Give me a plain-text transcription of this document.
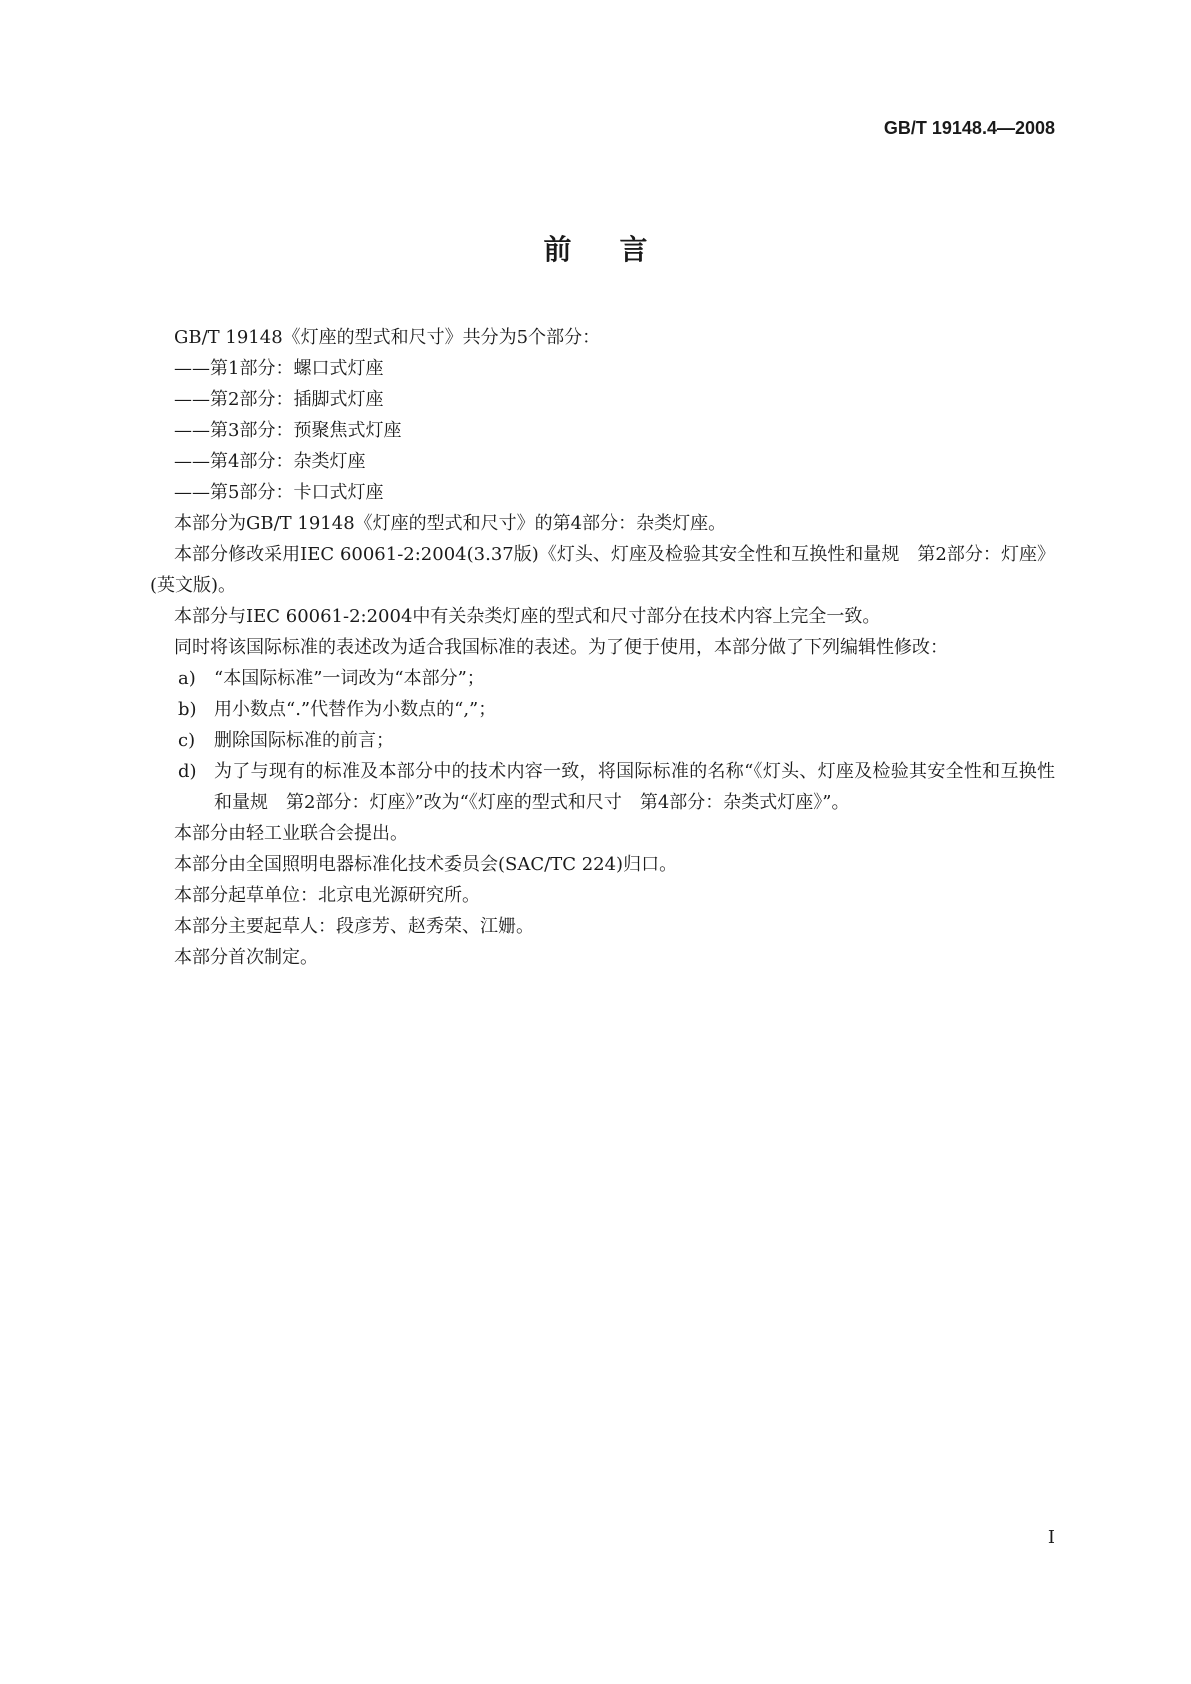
GB/T 19148.4—2008
前言
GB/T 19148《灯座的型式和尺寸》共分为5个部分：
——第1部分：螺口式灯座
——第2部分：插脚式灯座
——第3部分：预聚焦式灯座
——第4部分：杂类灯座
——第5部分：卡口式灯座
本部分为GB/T 19148《灯座的型式和尺寸》的第4部分：杂类灯座。
本部分修改采用IEC 60061-2:2004(3.37版)《灯头、灯座及检验其安全性和互换性和量规　第2部分：灯座》(英文版)。
本部分与IEC 60061-2:2004中有关杂类灯座的型式和尺寸部分在技术内容上完全一致。
同时将该国际标准的表述改为适合我国标准的表述。为了便于使用，本部分做了下列编辑性修改：
a) “本国际标准”一词改为“本部分”；
b) 用小数点“.”代替作为小数点的“,”；
c) 删除国际标准的前言；
d) 为了与现有的标准及本部分中的技术内容一致，将国际标准的名称“《灯头、灯座及检验其安全性和互换性和量规　第2部分：灯座》”改为“《灯座的型式和尺寸　第4部分：杂类式灯座》”。
本部分由轻工业联合会提出。
本部分由全国照明电器标准化技术委员会(SAC/TC 224)归口。
本部分起草单位：北京电光源研究所。
本部分主要起草人：段彦芳、赵秀荣、江姗。
本部分首次制定。
I
